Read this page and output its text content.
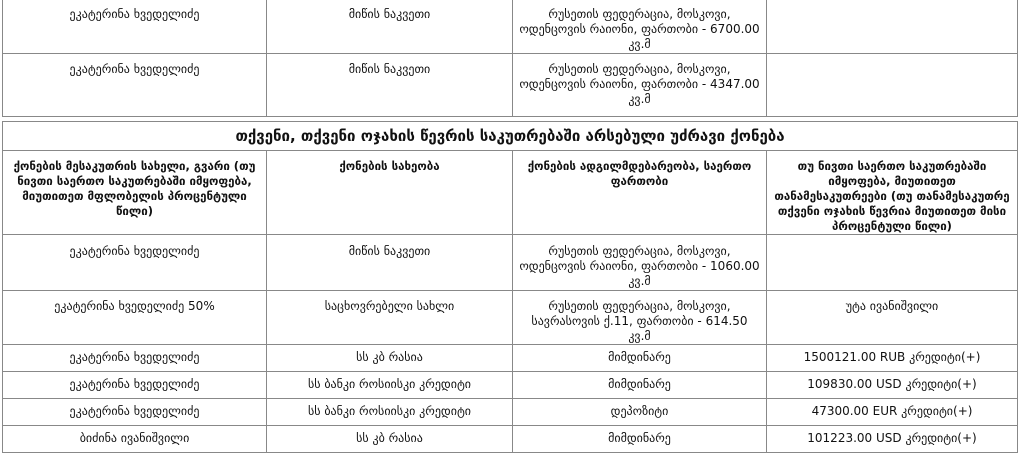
ეკატერინა ხვედელიძე	მიწის ნაკვეთი	რუსეთის ფედერაცია, მოსკოვი, ოდენცოვის რაიონი, ფართობი - 6700.00 კვ.მ	
ეკატერინა ხვედელიძე	მიწის ნაკვეთი	რუსეთის ფედერაცია, მოსკოვი, ოდენცოვის რაიონი, ფართობი - 4347.00 კვ.მ	
თქვენი, თქვენი ოჯახის წევრის საკუთრებაში არსებული უძრავი ქონება			
ქონების მესაკუთრის სახელი, გვარი (თუ ნივთი საერთო საკუთრებაში იმყოფება, მიუთითეთ მფლობელის პროცენტული წილი)	ქონების სახეობა	ქონების ადგილმდებარეობა, საერთო ფართობი	თუ ნივთი საერთო საკუთრებაში იმყოფება, მიუთითეთ თანამესაკუთრეები (თუ თანამესაკუთრე თქვენი ოჯახის წევრია მიუთითეთ მისი პროცენტული წილი)
ეკატერინა ხვედელიძე	მიწის ნაკვეთი	რუსეთის ფედერაცია, მოსკოვი, ოდენცოვის რაიონი, ფართობი - 1060.00 კვ.მ	
ეკატერინა ხვედელიძე 50%	საცხოვრებელი სახლი	რუსეთის ფედერაცია, მოსკოვი, სავრასოვის ქ.11, ფართობი - 614.50 კვ.მ	უტა ივანიშვილი
ეკატერინა ხვედელიძე	სს კბ რასია	მიმდინარე	1500121.00 RUB კრედიტი(+)
ეკატერინა ხვედელიძე	სს ბანკი როსიისკი კრედიტი	მიმდინარე	109830.00 USD კრედიტი(+)
ეკატერინა ხვედელიძე	სს ბანკი როსიისკი კრედიტი	დეპოზიტი	47300.00 EUR კრედიტი(+)
ბიძინა ივანიშვილი	სს კბ რასია	მიმდინარე	101223.00 USD კრედიტი(+)
